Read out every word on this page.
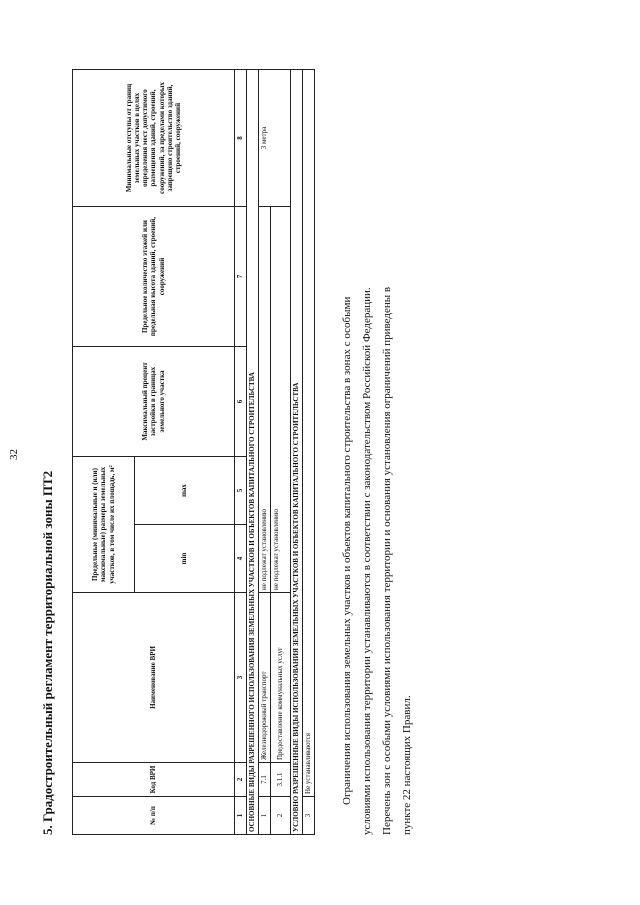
32
5. Градостроительный регламент территориальной зоны ПТ2	№ п/п	Код ВРИ	Наименование ВРИ	Предельные (минимальные и (или) максимальные) размеры земельных участков, в том числе их площадь, м²		Максимальный процент застройки в границах земельного участка	Предельное количество этажей или предельная высота зданий, строений, сооружений	Минимальные отступы от границ земельных участков в целях определения мест допустимого размещения зданий, строений, сооружений, за пределами которых запрещено строительство зданий, строений, сооружений
			min	max			
1	2	3	4	5	6	7	8
ОСНОВНЫЕ ВИДЫ РАЗРЕШЕННОГО ИСПОЛЬЗОВАНИЯ ЗЕМЕЛЬНЫХ УЧАСТКОВ И ОБЪЕКТОВ КАПИТАЛЬНОГО СТРОИТЕЛЬСТВА							
1	7.1	Железнодорожный транспорт	не подлежат установлению				3 метра
2	3.1.1	Предоставление коммунальных услуг	не подлежат установлению				
УСЛОВНО РАЗРЕШЕННЫЕ ВИДЫ ИСПОЛЬЗОВАНИЯ ЗЕМЕЛЬНЫХ УЧАСТКОВ И ОБЪЕКТОВ КАПИТАЛЬНОГО СТРОИТЕЛЬСТВА							
3	Не устанавливаются							Ограничения использования земельных участков и объектов капитального строительства в зонах с особыми условиями использования территории устанавливаются в соответствии с законодательством Российской Федерации. Перечень зон с особыми условиями использования территории и основания установления ограничений приведены в пункте 22 настоящих Правил.
